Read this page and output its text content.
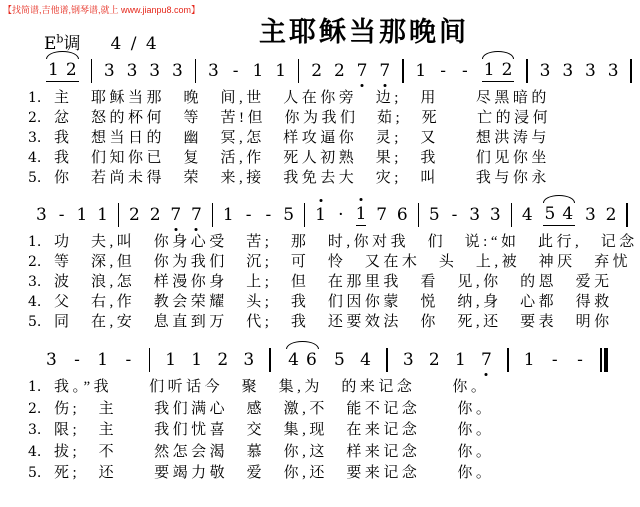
【找简谱,吉他谱,钢琴谱,就上 www.jianpu8.com】
主耶稣当那晚间
$E^b$调 4 / 4
1 2 3 3 3 3 3 - 1 1 2 2 7 7 1 - - 1 2 3 3 3 3
1. 主　耶稣当那　晚　间,世　人在你旁　边;　用　　尽黑暗的
2. 忿　怒的杯何　等　苦!但　你为我们　茹;　死　　亡的浸何
3. 我　想当日的　幽　冥,怎　样攻逼你　灵;　又　　想洪涛与
4. 我　们知你已　复　活,作　死人初熟　果;　我　　们见你坐
5. 你　若尚未得　荣　来,接　我免去大　灾;　叫　　我与你永
3 - 1 1 2 2 7 7 1 - - 5 1 · 1 7 6 5 - 3 3 4 5 4 3 2
1. 功　夫,叫　你身心受　苦;　那　时,你对我　们　说:“如　此行,　记念
2. 等　深,但　你为我们　沉;　可　怜　又在木　头　上,被　神厌　弃忧
3. 波　浪,怎　样漫你身　上;　但　在那里我　看　见,你　的恩　爱无
4. 父　右,作　教会荣耀　头;　我　们因你蒙　悦　纳,身　心都　得救
5. 同　在,安　息直到万　代;　我　还要效法　你　死,还　要表　明你
3 - 1 - 1 1 2 3 4 6 5 4 3 2 1 7 1 - -
1. 我。”我　　们听话今　聚　集,为　的来记念　　你。
2. 伤;　主　　我们满心　感　激,不　能不记念　　你。
3. 限;　主　　我们忧喜　交　集,现　在来记念　　你。
4. 拔;　不　　然怎会渴　慕　你,这　样来记念　　你。
5. 死;　还　　要竭力敬　爱　你,还　要来记念　　你。
